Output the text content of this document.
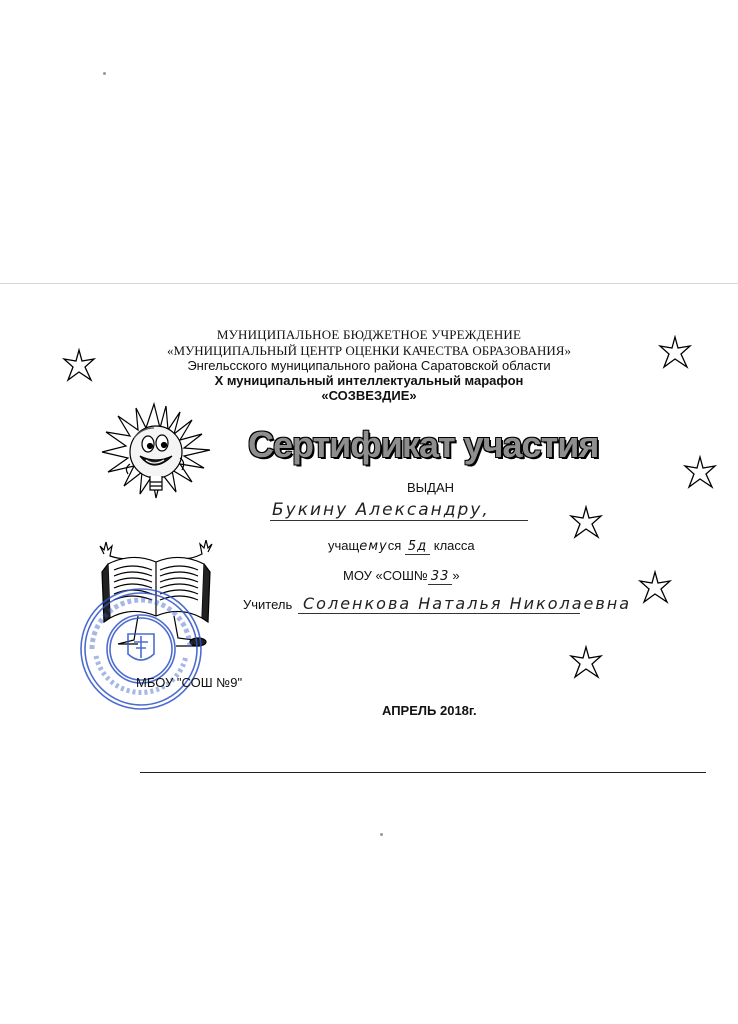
МУНИЦИПАЛЬНОЕ БЮДЖЕТНОЕ УЧРЕЖДЕНИЕ
«МУНИЦИПАЛЬНЫЙ ЦЕНТР ОЦЕНКИ КАЧЕСТВА ОБРАЗОВАНИЯ»
Энгельсского муниципального района Саратовской области
X муниципальный интеллектуальный марафон
«СОЗВЕЗДИЕ»
Сертификат участия
ВЫДАН
Букину Александру,
МБОУ "СОШ №9"
учащемуся 5д класса
МОУ «СОШ№ 33 »
Учитель Соленкова Наталья Николаевна
АПРЕЛЬ 2018г.
